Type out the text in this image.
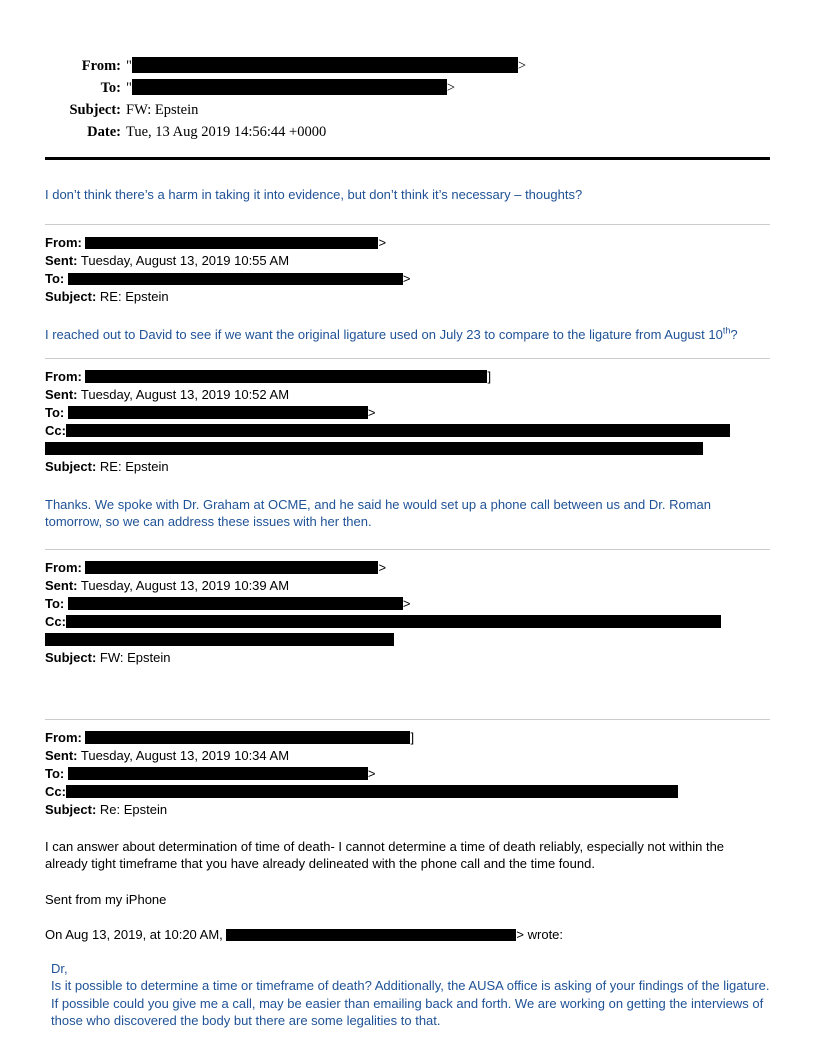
From: "	>
To: "	>
Subject: FW: Epstein
Date: Tue, 13 Aug 2019 14:56:44 +0000

I don’t think there’s a harm in taking it into evidence, but don’t think it’s necessary – thoughts?

From:	>
Sent: Tuesday, August 13, 2019 10:55 AM
To:	>
Subject: RE: Epstein

I reached out to David to see if we want the original ligature used on July 23 to compare to the ligature from August 10th?

From:	]
Sent: Tuesday, August 13, 2019 10:52 AM
To:	>
Cc:

Subject: RE: Epstein

Thanks. We spoke with Dr. Graham at OCME, and he said he would set up a phone call between us and Dr. Roman tomorrow, so we can address these issues with her then.

From:	>
Sent: Tuesday, August 13, 2019 10:39 AM
To:	>
Cc:

Subject: FW: Epstein
From:	]
Sent: Tuesday, August 13, 2019 10:34 AM
To:	>
Cc:
Subject: Re: Epstein

I can answer about determination of time of death- I cannot determine a time of death reliably, especially not within the already tight timeframe that you have already delineated with the phone call and the time found.

Sent from my iPhone

On Aug 13, 2019, at 10:20 AM,	> wrote:

Dr,
Is it possible to determine a time or timeframe of death? Additionally, the AUSA office is asking of your findings of the ligature. If possible could you give me a call, may be easier than emailing back and forth. We are working on getting the interviews of those who discovered the body but there are some legalities to that.
